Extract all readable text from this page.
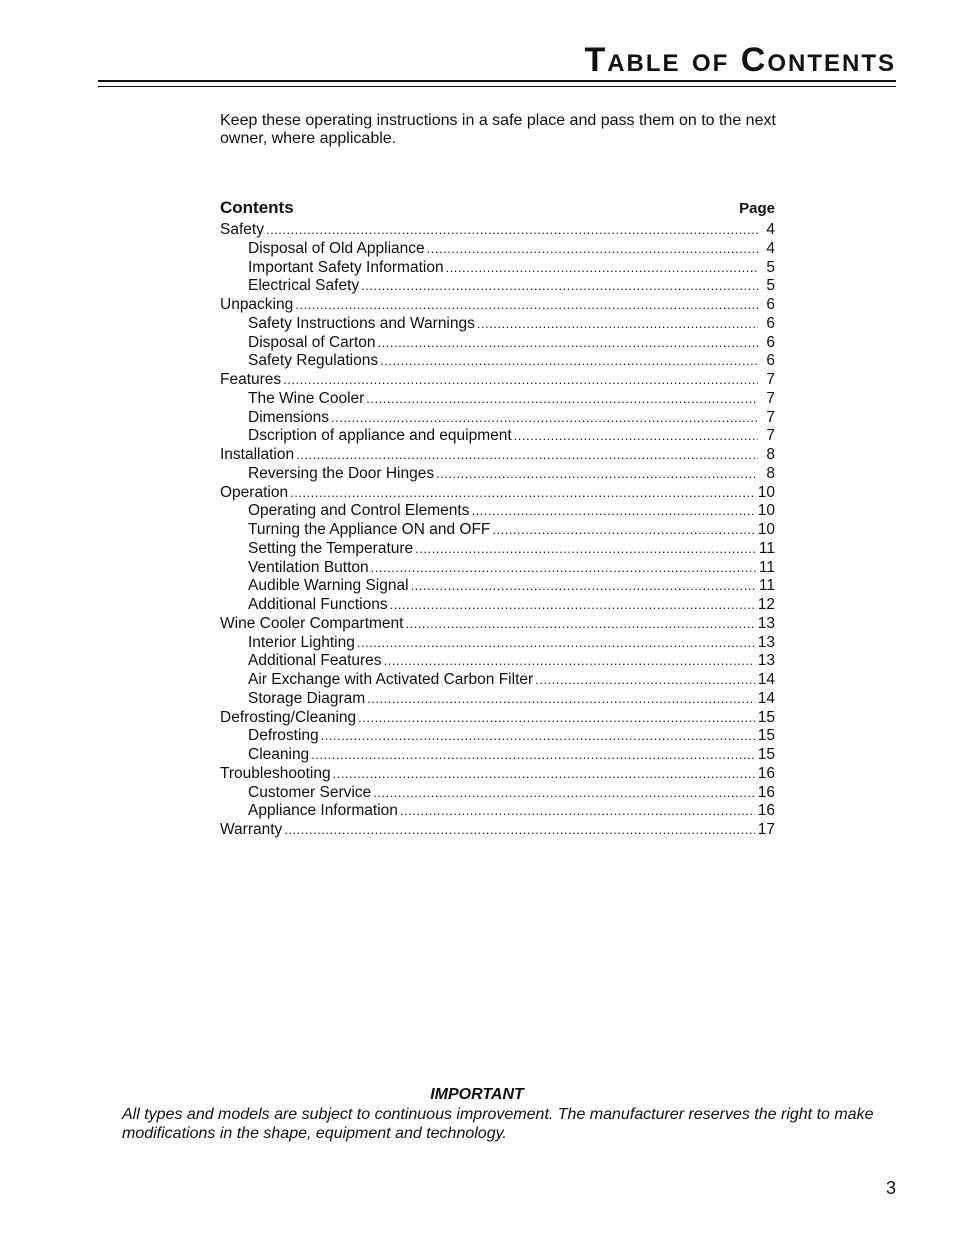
Table of Contents
Keep these operating instructions in a safe place and pass them on to the next owner, where applicable.
Contents	Page
Safety .....	4
Disposal of Old Appliance .....	4
Important Safety Information .....	5
Electrical Safety .....	5
Unpacking .....	6
Safety Instructions and Warnings .....	6
Disposal of Carton .....	6
Safety Regulations .....	6
Features .....	7
The Wine Cooler .....	7
Dimensions .....	7
Dscription of appliance and equipment .....	7
Installation .....	8
Reversing the Door Hinges .....	8
Operation .....	10
Operating and Control Elements .....	10
Turning the Appliance ON and OFF .....	10
Setting the Temperature .....	11
Ventilation Button .....	11
Audible Warning Signal .....	11
Additional Functions .....	12
Wine Cooler Compartment .....	13
Interior Lighting .....	13
Additional Features .....	13
Air Exchange with Activated Carbon Filter .....	14
Storage Diagram .....	14
Defrosting/Cleaning .....	15
Defrosting .....	15
Cleaning .....	15
Troubleshooting .....	16
Customer Service .....	16
Appliance Information .....	16
Warranty .....	17
IMPORTANT
All types and models are subject to continuous improvement. The manufacturer reserves the right to make modifications in the shape, equipment and technology.
3
